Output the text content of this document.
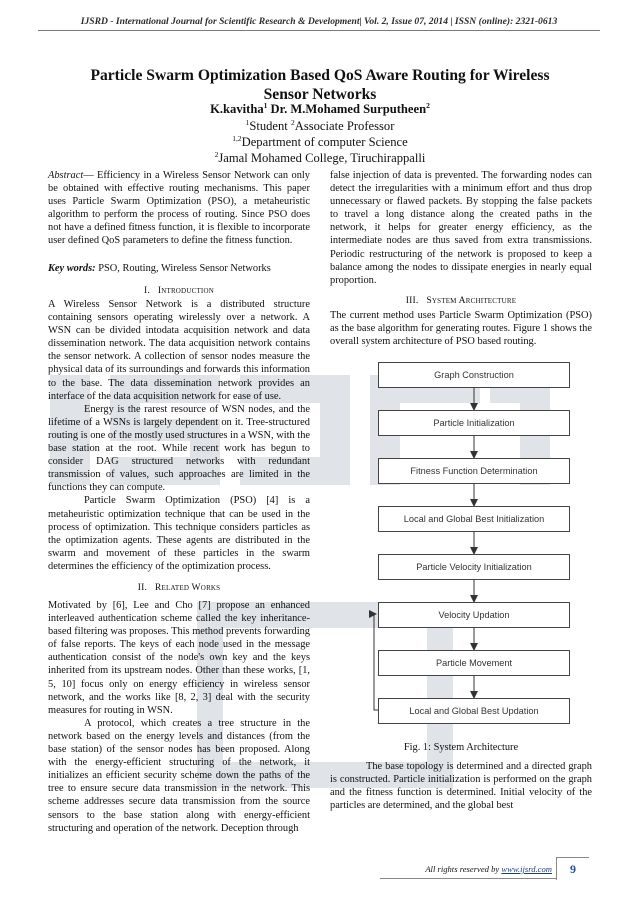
IJSRD - International Journal for Scientific Research & Development| Vol. 2, Issue 07, 2014 | ISSN (online): 2321-0613
Particle Swarm Optimization Based QoS Aware Routing for Wireless
Sensor Networks
K.kavitha$^1$ Dr. M.Mohamed Surputheen$^2$
$^1$Student $^2$Associate Professor
$^{1,2}$Department of computer Science
$^2$Jamal Mohamed College, Tiruchirappalli

Abstract— Efficiency in a Wireless Sensor Network can only be obtained with effective routing mechanisms. This paper uses Particle Swarm Optimization (PSO), a metaheuristic algorithm to perform the process of routing. Since PSO does not have a defined fitness function, it is flexible to incorporate user defined QoS parameters to define the fitness function.

Key words: PSO, Routing, Wireless Sensor Networks

I. Introduction

A Wireless Sensor Network is a distributed structure containing sensors operating wirelessly over a network. A WSN can be divided intodata acquisition network and data dissemination network. The data acquisition network contains the sensor network. A collection of sensor nodes measure the physical data of its surroundings and forwards this information to the base. The data dissemination network provides an interface of the data acquisition network for ease of use.

Energy is the rarest resource of WSN nodes, and the lifetime of a WSNs is largely dependent on it. Tree-structured routing is one of the mostly used structures in a WSN, with the base station at the root. While recent work has begun to consider DAG structured networks with redundant transmission of values, such approaches are limited in the functions they can compute.

Particle Swarm Optimization (PSO) [4] is a metaheuristic optimization technique that can be used in the process of optimization. This technique considers particles as the optimization agents. These agents are distributed in the swarm and movement of these particles in the swarm determines the efficiency of the optimization process.

II. Related Works

Motivated by [6], Lee and Cho [7] propose an enhanced interleaved authentication scheme called the key inheritance-based filtering was proposes. This method prevents forwarding of false reports. The keys of each node used in the message authentication consist of the node's own key and the keys inherited from its upstream nodes. Other than these works, [1, 5, 10] focus only on energy efficiency in wireless sensor network, and the works like [8, 2, 3] deal with the security measures for routing in WSN.

A protocol, which creates a tree structure in the network based on the energy levels and distances (from the base station) of the sensor nodes has been proposed. Along with the energy-efficient structuring of the network, it initializes an efficient security scheme down the paths of the tree to ensure secure data transmission in the network. This scheme addresses secure data transmission from the source sensors to the base station along with energy-efficient structuring and operation of the network. Deception through

false injection of data is prevented. The forwarding nodes can detect the irregularities with a minimum effort and thus drop unnecessary or flawed packets. By stopping the false packets to travel a long distance along the created paths in the network, it helps for greater energy efficiency, as the intermediate nodes are thus saved from extra transmissions. Periodic restructuring of the network is proposed to keep a balance among the nodes to dissipate energies in nearly equal proportion.

III. System Architecture

The current method uses Particle Swarm Optimization (PSO) as the base algorithm for generating routes. Figure 1 shows the overall system architecture of PSO based routing.

Graph Construction
Particle Initialization
Fitness Function Determination
Local and Global Best Initialization
Particle Velocity Initialization
Velocity Updation
Particle Movement
Local and Global Best Updation
Fig. 1: System Architecture

The base topology is determined and a directed graph is constructed. Particle initialization is performed on the graph and the fitness function is determined. Initial velocity of the particles are determined, and the global best

All rights reserved by www.ijsrd.com	9
